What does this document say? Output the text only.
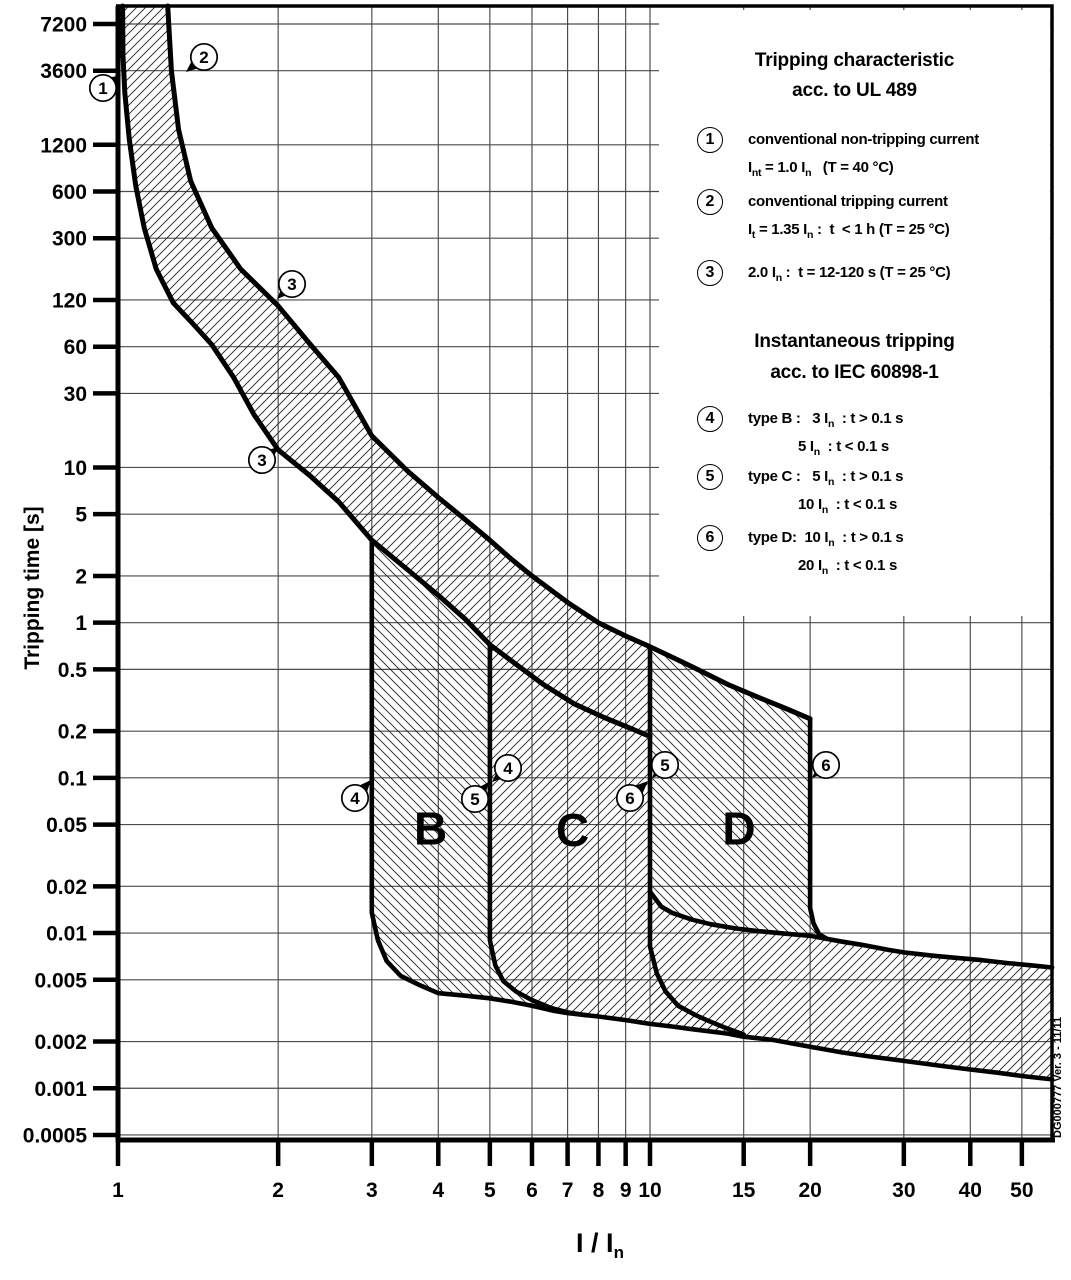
7200
3600
1200
600
300
120
60
30
10
5
2
1
0.5
0.2
0.1
0.05
0.02
0.01
0.005
0.002
0.001
0.0005
1	2	3	4 5 6 7 8 9 10	15 20	30 40 50
B C	D
1
2
3
3
4
4
5
5
6
6
Tripping characteristic
acc. to UL 489
1	conventional non-tripping current
$I_{nt} = 1.0$ $I_n$   (T = 40 °C)
2	conventional tripping current
$I_t = 1.35$ $I_n$ :  t  < 1 h (T = 25 °C)
3	2.0 $I_n$ :  t = 12-120 s (T = 25 °C)
Instantaneous tripping
acc. to IEC 60898-1
4	type B :   3 $I_n$  : t > 0.1 s
5 $I_n$  : t < 0.1 s
5	type C :   5 $I_n$  : t > 0.1 s
10 $I_n$  : t < 0.1 s
6	type D:  10 $I_n$  : t > 0.1 s
20 $I_n$  : t < 0.1 s
Tripping time [s]
I / $I_n$
DG000777 Ver. 3 - 11/11
